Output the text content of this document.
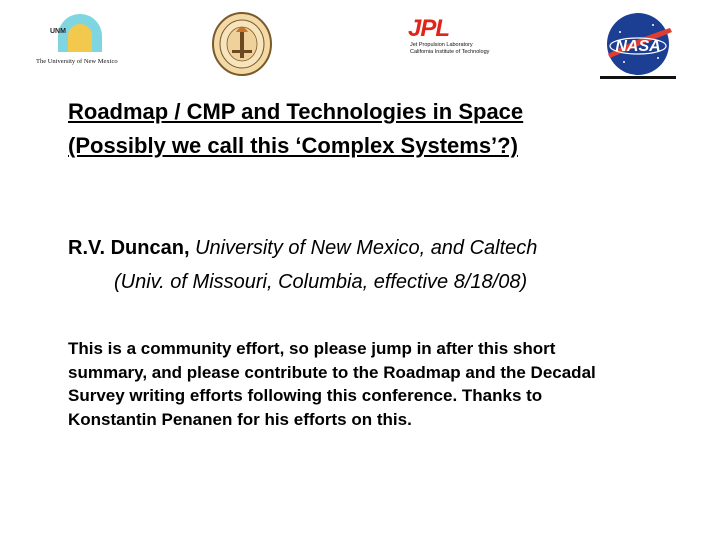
UNM
The University of New Mexico
JPL
Jet Propulsion Laboratory
California Institute of Technology	NASA
Roadmap / CMP and Technologies in Space
(Possibly we call this ‘Complex Systems’?)
R.V. Duncan, University of New Mexico, and Caltech
(Univ. of Missouri, Columbia, effective 8/18/08)
This is a community effort, so please jump in after this short
summary, and please contribute to the Roadmap and the Decadal
Survey writing efforts following this conference. Thanks to
Konstantin Penanen for his efforts on this.
